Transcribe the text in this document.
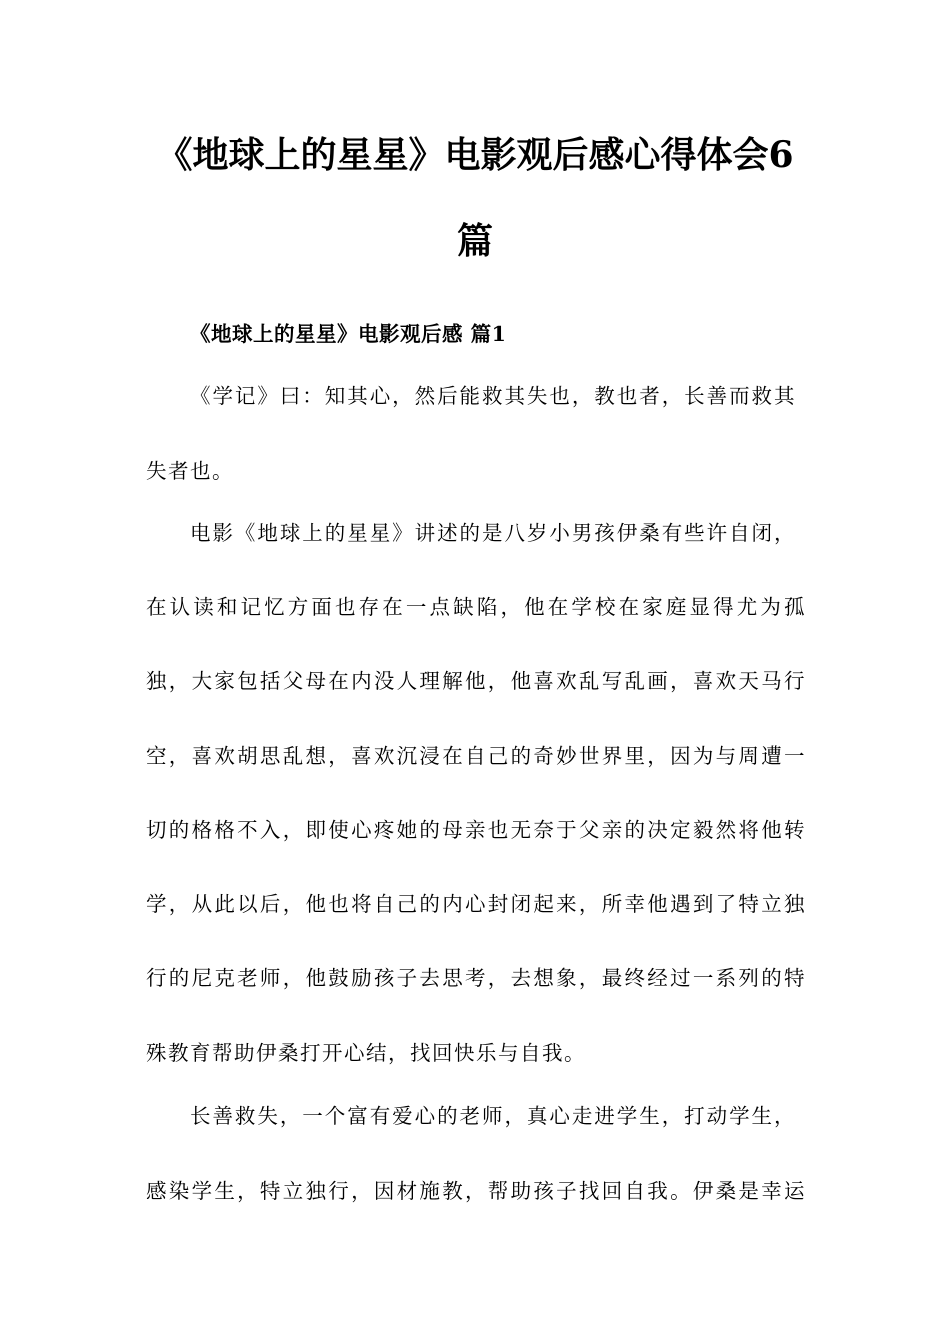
《地球上的星星》电影观后感心得体会6
篇
《地球上的星星》电影观后感 篇1
《学记》曰：知其心，然后能救其失也，教也者，长善而救其
失者也。
电影《地球上的星星》讲述的是八岁小男孩伊桑有些许自闭，
在认读和记忆方面也存在一点缺陷，他在学校在家庭显得尤为孤
独，大家包括父母在内没人理解他，他喜欢乱写乱画，喜欢天马行
空，喜欢胡思乱想，喜欢沉浸在自己的奇妙世界里，因为与周遭一
切的格格不入，即使心疼她的母亲也无奈于父亲的决定毅然将他转
学，从此以后，他也将自己的内心封闭起来，所幸他遇到了特立独
行的尼克老师，他鼓励孩子去思考，去想象，最终经过一系列的特
殊教育帮助伊桑打开心结，找回快乐与自我。
长善救失，一个富有爱心的老师，真心走进学生，打动学生，
感染学生，特立独行，因材施教，帮助孩子找回自我。伊桑是幸运
